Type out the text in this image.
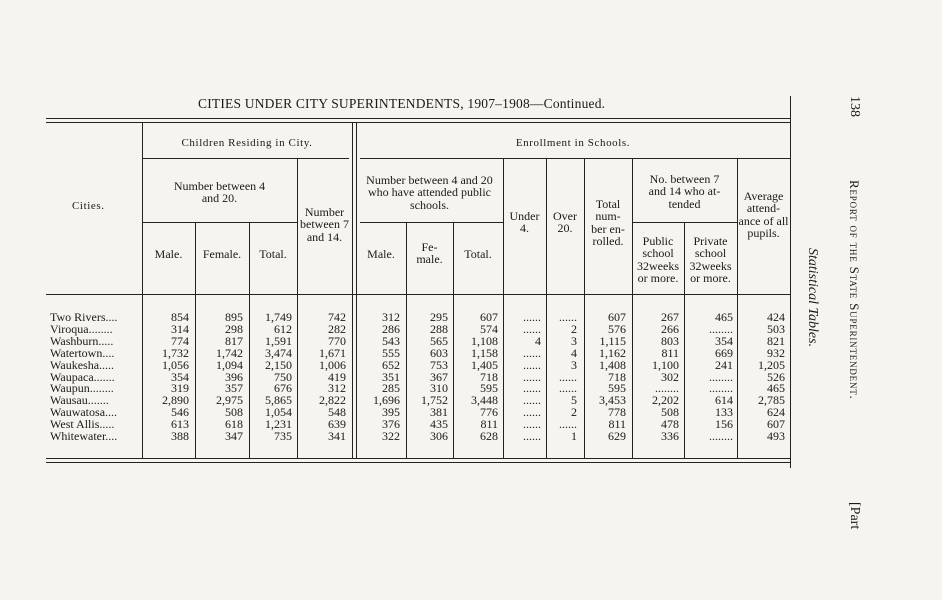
CITIES UNDER CITY SUPERINTENDENTS, 1907–1908—Continued.
Cities.
Children Residing in City.	Enrollment in Schools.
Number between 4 and 20.
Number between 7 and 14.
Male.	Female.	Total.
Number between 4 and 20 who have attended public schools.
Male.	Fe- male.	Total.
Under 4.
Over 20.
Total num- ber en- rolled.
No. between 7 and 14 who at- tended
Public school 32weeks or more.
Private school 32weeks or more.
Average attend- ance of all pupils.
Two Rivers....	854	895	1,749	742	312	295	607	......	......	607	267	465	424
Viroqua........	314	298	612	282	286	288	574	......	2	576	266	........	503
Washburn.....	774	817	1,591	770	543	565	1,108	4	3	1,115	803	354	821
Watertown....	1,732	1,742	3,474	1,671	555	603	1,158	......	4	1,162	811	669	932
Waukesha.....	1,056	1,094	2,150	1,006	652	753	1,405	......	3	1,408	1,100	241	1,205
Waupaca.......	354	396	750	419	351	367	718	......	......	718	302	........	526
Waupun........	319	357	676	312	285	310	595	......	......	595	........	........	465
Wausau.......	2,890	2,975	5,865	2,822	1,696	1,752	3,448	......	5	3,453	2,202	614	2,785
Wauwatosa....	546	508	1,054	548	395	381	776	......	2	778	508	133	624
West Allis.....	613	618	1,231	639	376	435	811	......	......	811	478	156	607
Whitewater....	388	347	735	341	322	306	628	......	1	629	336	........	493
138
Report of the State Superintendent.
Statistical Tables.
[Part
